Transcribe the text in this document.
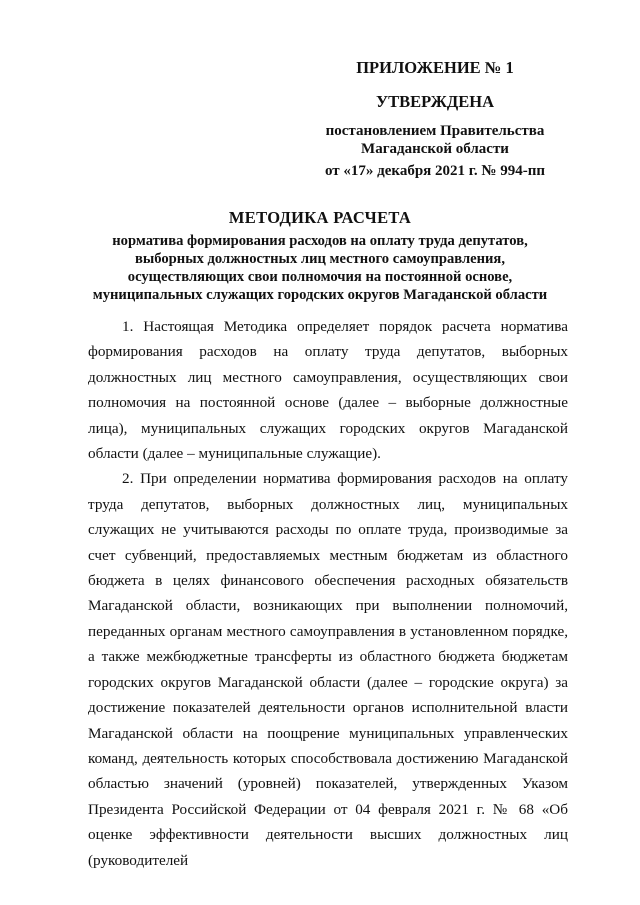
ПРИЛОЖЕНИЕ № 1
УТВЕРЖДЕНА
постановлением Правительства
Магаданской области
от «17» декабря 2021 г. № 994-пп
МЕТОДИКА РАСЧЕТА
норматива формирования расходов на оплату труда депутатов,
выборных должностных лиц местного самоуправления,
осуществляющих свои полномочия на постоянной основе,
муниципальных служащих городских округов Магаданской области

1. Настоящая Методика определяет порядок расчета норматива формирования расходов на оплату труда депутатов, выборных должностных лиц местного самоуправления, осуществляющих свои полномочия на постоянной основе (далее – выборные должностные лица), муниципальных служащих городских округов Магаданской области (далее – муниципальные служащие).

2. При определении норматива формирования расходов на оплату труда депутатов, выборных должностных лиц, муниципальных служащих не учитываются расходы по оплате труда, производимые за счет субвенций, предоставляемых местным бюджетам из областного бюджета в целях финансового обеспечения расходных обязательств Магаданской области, возникающих при выполнении полномочий, переданных органам местного самоуправления в установленном порядке, а также межбюджетные трансферты из областного бюджета бюджетам городских округов Магаданской области (далее – городские округа) за достижение показателей деятельности органов исполнительной власти Магаданской области на поощрение муниципальных управленческих команд, деятельность которых способствовала достижению Магаданской областью значений (уровней) показателей, утвержденных Указом Президента Российской Федерации от 04 февраля 2021 г. № 68 «Об оценке эффективности деятельности высших должностных лиц (руководителей
